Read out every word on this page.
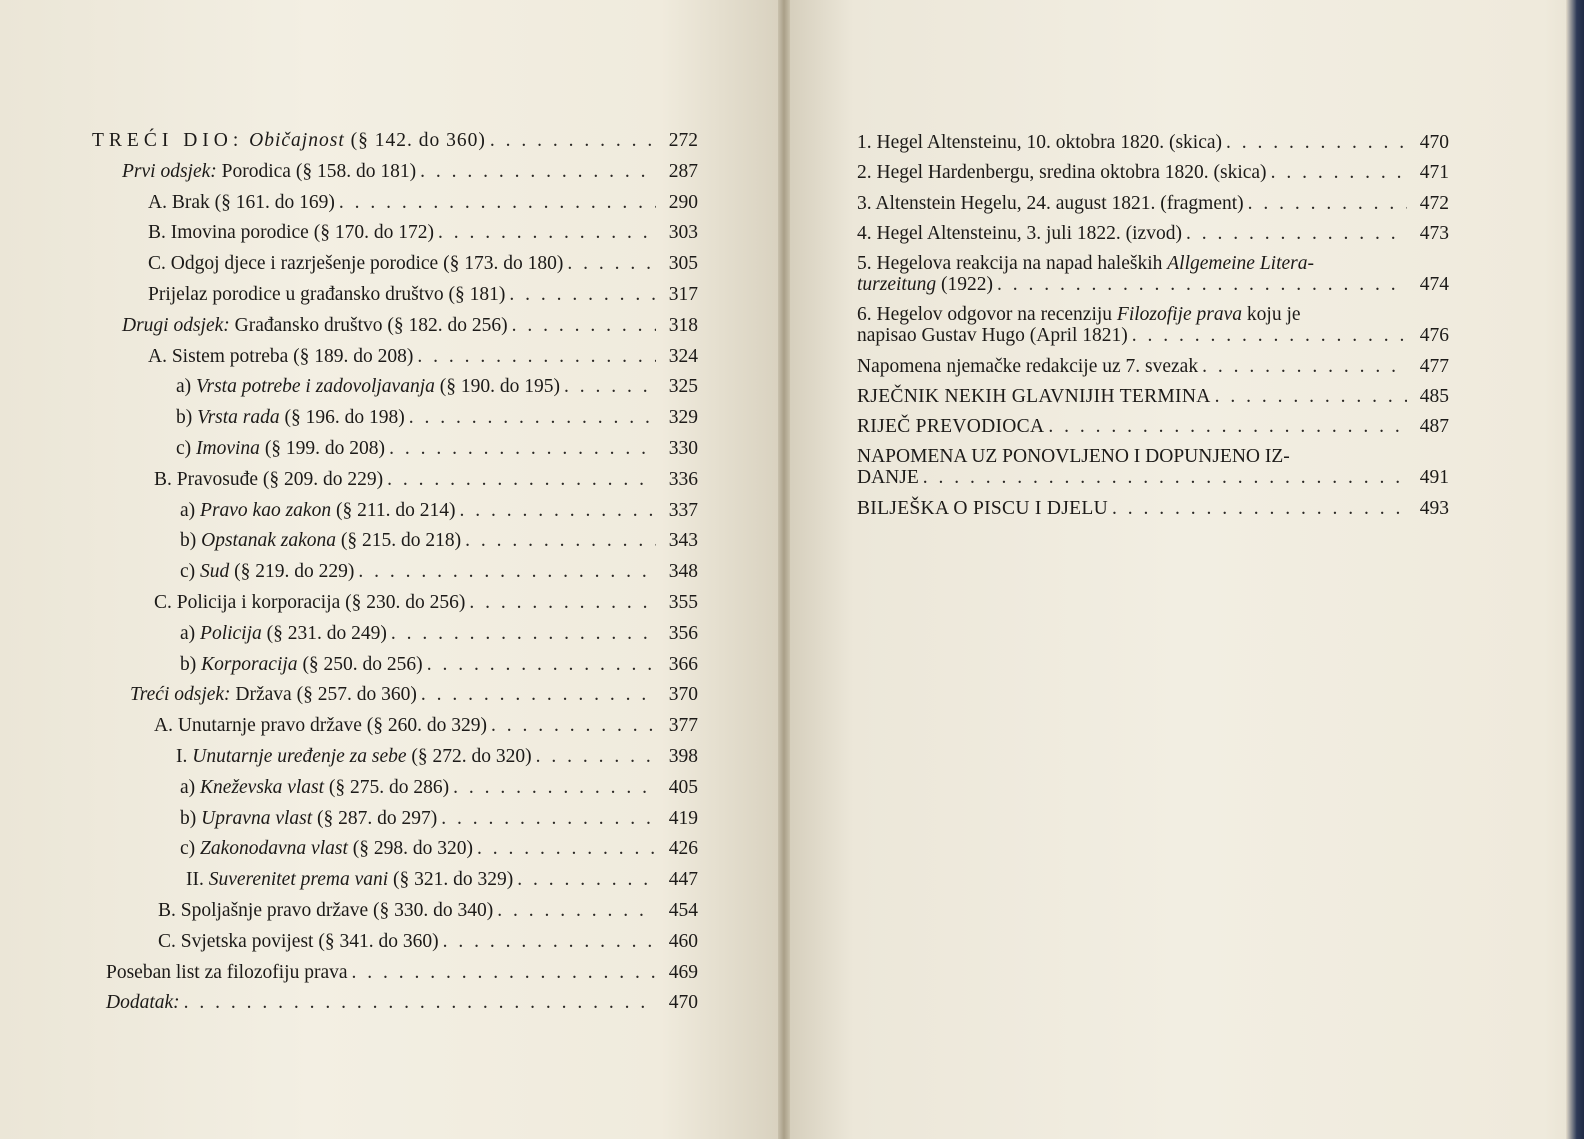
TREĆI DIO: Običajnost (§ 142. do 360) . . .	272
Prvi odsjek: Porodica (§ 158. do 181) . . .	287
A. Brak (§ 161. do 169) . . .	290
B. Imovina porodice (§ 170. do 172) . . .	303
C. Odgoj djece i razrješenje porodice (§ 173. do 180) . . .	305
Prijelaz porodice u građansko društvo (§ 181) . . .	317
Drugi odsjek: Građansko društvo (§ 182. do 256) . . .	318
A. Sistem potreba (§ 189. do 208) . . .	324
a) Vrsta potrebe i zadovoljavanja (§ 190. do 195) . . .	325
b) Vrsta rada (§ 196. do 198) . . .	329
c) Imovina (§ 199. do 208) . . .	330
B. Pravosuđe (§ 209. do 229) . . .	336
a) Pravo kao zakon (§ 211. do 214) . . .	337
b) Opstanak zakona (§ 215. do 218) . . .	343
c) Sud (§ 219. do 229) . . .	348
C. Policija i korporacija (§ 230. do 256) . . .	355
a) Policija (§ 231. do 249) . . .	356
b) Korporacija (§ 250. do 256) . . .	366
Treći odsjek: Država (§ 257. do 360) . . .	370
A. Unutarnje pravo države (§ 260. do 329) . . .	377
I. Unutarnje uređenje za sebe (§ 272. do 320) . . .	398
a) Kneževska vlast (§ 275. do 286) . . .	405
b) Upravna vlast (§ 287. do 297) . . .	419
c) Zakonodavna vlast (§ 298. do 320) . . .	426
II. Suverenitet prema vani (§ 321. do 329) . . .	447
B. Spoljašnje pravo države (§ 330. do 340) . . .	454
C. Svjetska povijest (§ 341. do 360) . . .	460
Poseban list za filozofiju prava . . .	469
Dodatak: . . .	470
1. Hegel Altensteinu, 10. oktobra 1820. (skica) . . .	470
2. Hegel Hardenbergu, sredina oktobra 1820. (skica) . . .	471
3. Altenstein Hegelu, 24. august 1821. (fragment) . . .	472
4. Hegel Altensteinu, 3. juli 1822. (izvod) . . .	473
5. Hegelova reakcija na napad haleških Allgemeine Litera-
turzeitung (1922) . . .	474
6. Hegelov odgovor na recenziju Filozofije prava koju je
napisao Gustav Hugo (April 1821) . . .	476
Napomena njemačke redakcije uz 7. svezak . . .	477
RJEČNIK NEKIH GLAVNIJIH TERMINA . . .	485
RIJEČ PREVODIOCA . . .	487
NAPOMENA UZ PONOVLJENO I DOPUNJENO IZ-
DANJE . . .	491
BILJEŠKA O PISCU I DJELU . . .	493
